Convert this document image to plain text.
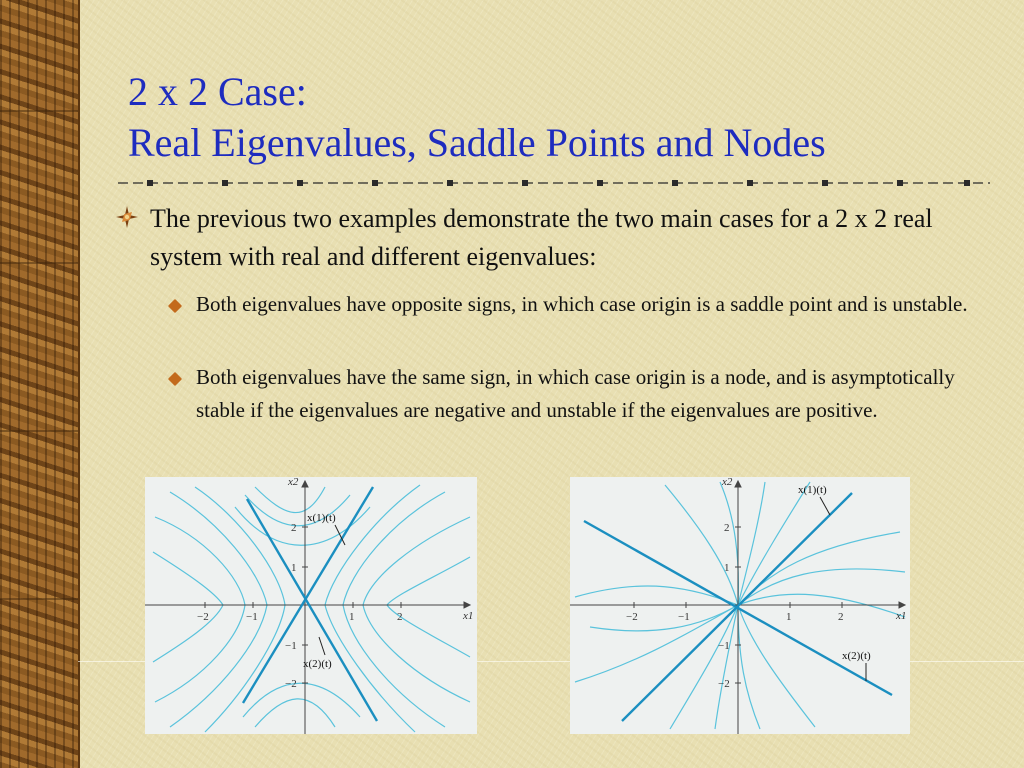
2 x 2 Case:
Real Eigenvalues, Saddle Points and Nodes
The previous two examples demonstrate the two main cases for a 2 x 2 real system with real and different eigenvalues:
Both eigenvalues have opposite signs, in which case origin is a saddle point and is unstable.
Both eigenvalues have the same sign, in which case origin is a node, and is asymptotically stable if the eigenvalues are negative and unstable if the eigenvalues are positive.
−2	−1	1	2
2
1
−1
−2
x1
x2
x(1)(t)
x(2)(t)
−2	−1	1	2
2
1
−1
−2
x1
x2
x(1)(t)
x(2)(t)
